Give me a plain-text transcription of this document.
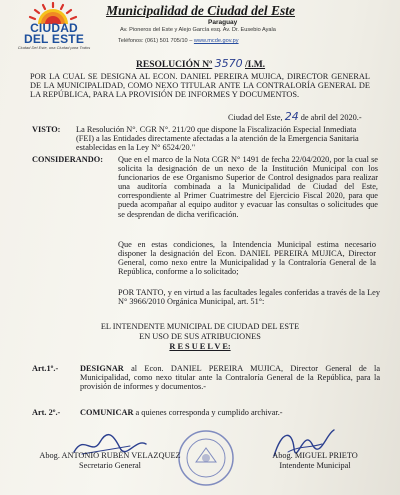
CIUDAD
DEL ESTE
Ciudad Del Este, una Ciudad para Todos
Municipalidad de Ciudad del Este
Paraguay
Av. Pioneros del Este y Alejo García esq. Av. Dr. Eusebio Ayala
Teléfonos: (061) 501 705/10 – www.mcde.gov.py
RESOLUCIÓN Nº 3570 /I.M.
POR LA CUAL SE DESIGNA AL ECON. DANIEL PEREIRA MUJICA, DIRECTOR GENERAL DE LA MUNICIPALIDAD, COMO NEXO TITULAR ANTE LA CONTRALORÍA GENERAL DE LA REPÚBLICA, PARA LA PROVISIÓN DE INFORMES Y DOCUMENTOS.
Ciudad del Este, 24 de abril del 2020.-
VISTO: La Resolución N°. CGR N°. 211/20 que dispone la Fiscalización Especial Inmediata (FEI) a las Entidades directamente afectadas a la atención de la Emergencia Sanitaria establecidas en la Ley N° 6524/20."
CONSIDERANDO: Que en el marco de la Nota CGR N° 1491 de fecha 22/04/2020, por la cual se solicita la designación de un nexo de la Institución Municipal con los funcionarios de ese Organismo Superior de Control designados para realizar una auditoría combinada a la Municipalidad de Ciudad del Este, correspondiente al Primer Cuatrimestre del Ejercicio Fiscal 2020, para que pueda acompañar al equipo auditor y evacuar las consultas o solicitudes que se desprendan de dicha verificación.
Que en estas condiciones, la Intendencia Municipal estima necesario disponer la designación del Econ. DANIEL PEREIRA MUJICA, Director General, como nexo entre la Municipalidad y la Contraloría General de la República, conforme a lo solicitado;
POR TANTO, y en virtud a las facultades legales conferidas a través de la Ley N° 3966/2010 Orgánica Municipal, art. 51°:
EL INTENDENTE MUNICIPAL DE CIUDAD DEL ESTE
EN USO DE SUS ATRIBUCIONES
R E S U E L V E:
Art.1º.-	DESIGNAR al Econ. DANIEL PEREIRA MUJICA, Director General de la Municipalidad, como nexo titular ante la Contraloría General de la República, para la provisión de informes y documentos.-
Art. 2º.- COMUNICAR a quienes corresponda y cumplido archivar.-
Abog. ANTONIO RUBÉN VELAZQUEZ
Secretario General
Abog. MIGUEL PRIETO
Intendente Municipal
